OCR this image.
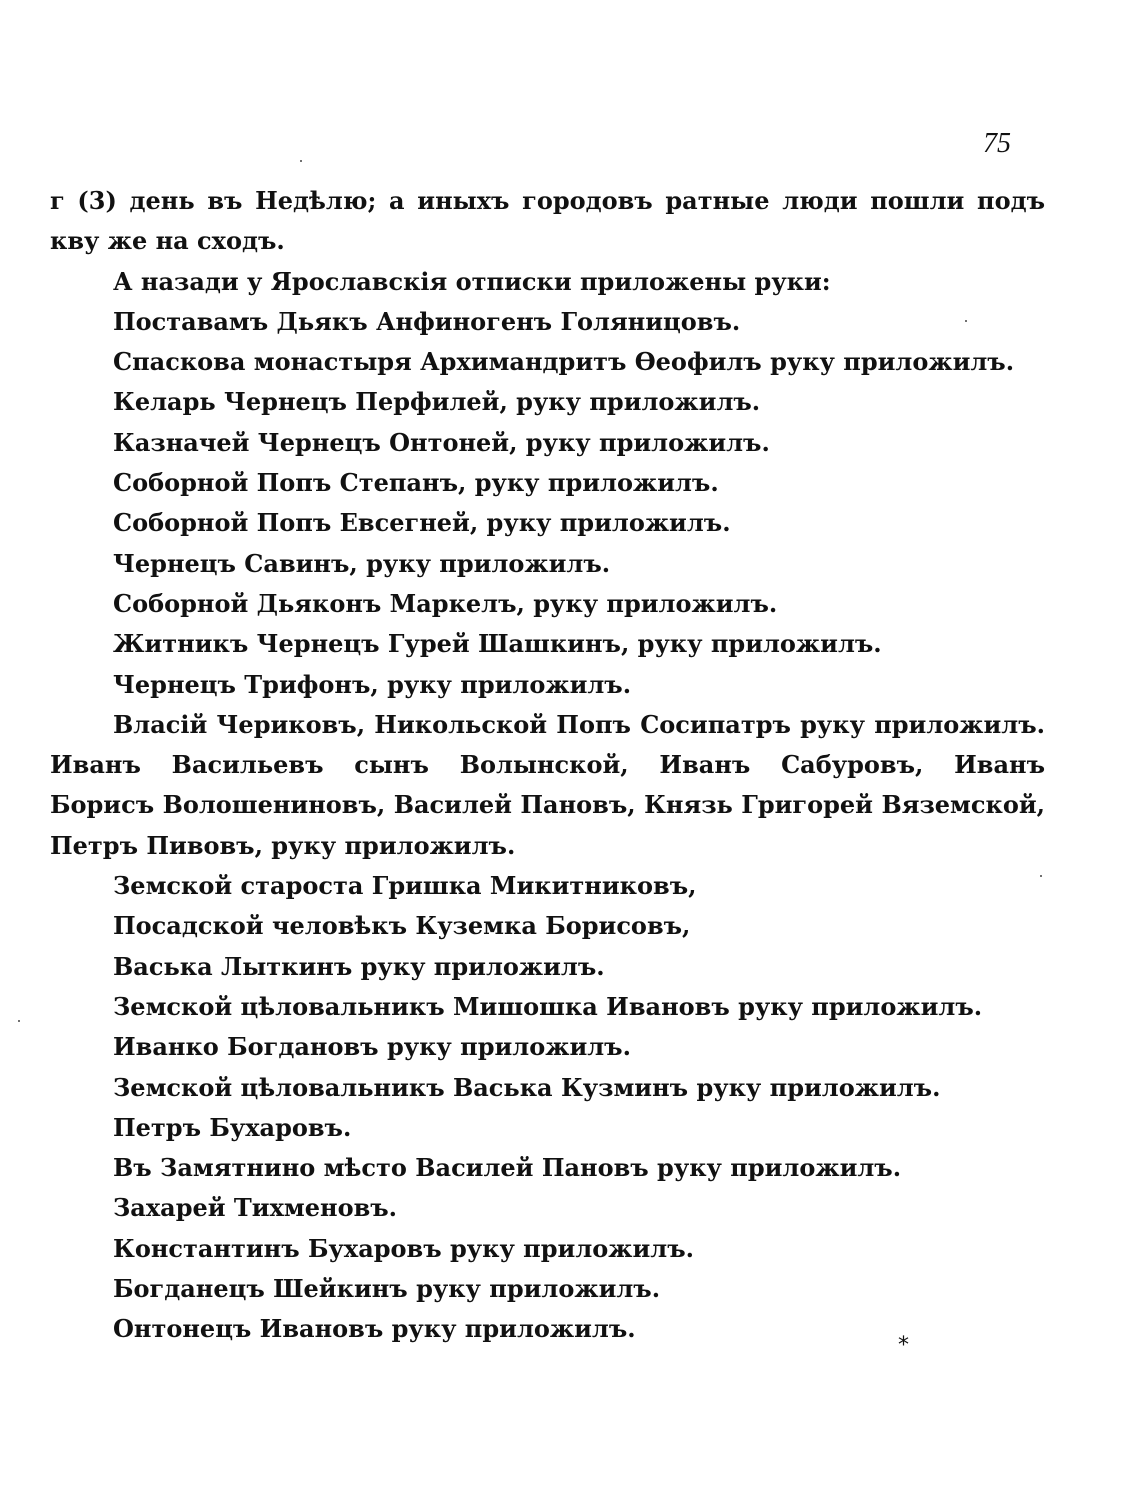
75
г (3) день въ Недѣлю; а иныхъ городовъ ратные люди пошли подъ
кву же на сходъ.
А назади у Ярославскія отписки приложены руки:
Поставамъ Дьякъ Анфиногенъ Голяницовъ.
Спаскова монастыря Архимандритъ Ѳеофилъ руку приложилъ.
Келарь Чернецъ Перфилей, руку приложилъ.
Казначей Чернецъ Онтоней, руку приложилъ.
Соборной Попъ Степанъ, руку приложилъ.
Соборной Попъ Евсегней, руку приложилъ.
Чернецъ Савинъ, руку приложилъ.
Соборной Дьяконъ Маркелъ, руку приложилъ.
Житникъ Чернецъ Гурей Шашкинъ, руку приложилъ.
Чернецъ Трифонъ, руку приложилъ.
Власій Чериковъ, Никольской Попъ Сосипатръ руку приложилъ.
Иванъ Васильевъ сынъ Волынской, Иванъ Сабуровъ, Иванъ
Борисъ Волошениновъ, Василей Пановъ, Князь Григорей Вяземской,
Петръ Пивовъ, руку приложилъ.
Земской староста Гришка Микитниковъ,
Посадской человѣкъ Куземка Борисовъ,
Васька Лыткинъ руку приложилъ.
Земской цѣловальникъ Мишошка Ивановъ руку приложилъ.
Иванко Богдановъ руку приложилъ.
Земской цѣловальникъ Васька Кузминъ руку приложилъ.
Петръ Бухаровъ.
Въ Замятнино мѣсто Василей Пановъ руку приложилъ.
Захарей Тихменовъ.
Константинъ Бухаровъ руку приложилъ.
Богданецъ Шейкинъ руку приложилъ.
Онтонецъ Ивановъ руку приложилъ.
*
